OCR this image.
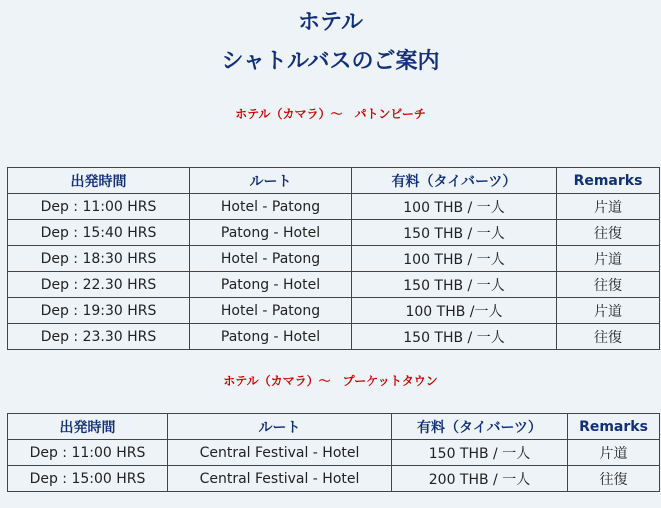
ホテル
シャトルバスのご案内
ホテル（カマラ）～　パトンビーチ
出発時間	ルート	有料（タイバーツ）	Remarks
Dep : 11:00 HRS	Hotel - Patong	100 THB / 一人	片道
Dep : 15:40 HRS	Patong - Hotel	150 THB / 一人	往復
Dep : 18:30 HRS	Hotel - Patong	100 THB / 一人	片道
Dep : 22.30 HRS	Patong - Hotel	150 THB / 一人	往復
Dep : 19:30 HRS	Hotel - Patong	100 THB /一人	片道
Dep : 23.30 HRS	Patong - Hotel	150 THB / 一人	往復
ホテル（カマラ）～　プーケットタウン
出発時間	ルート	有料（タイバーツ）	Remarks
Dep : 11:00 HRS	Central Festival - Hotel	150 THB / 一人	片道
Dep : 15:00 HRS	Central Festival - Hotel	200 THB / 一人	往復
